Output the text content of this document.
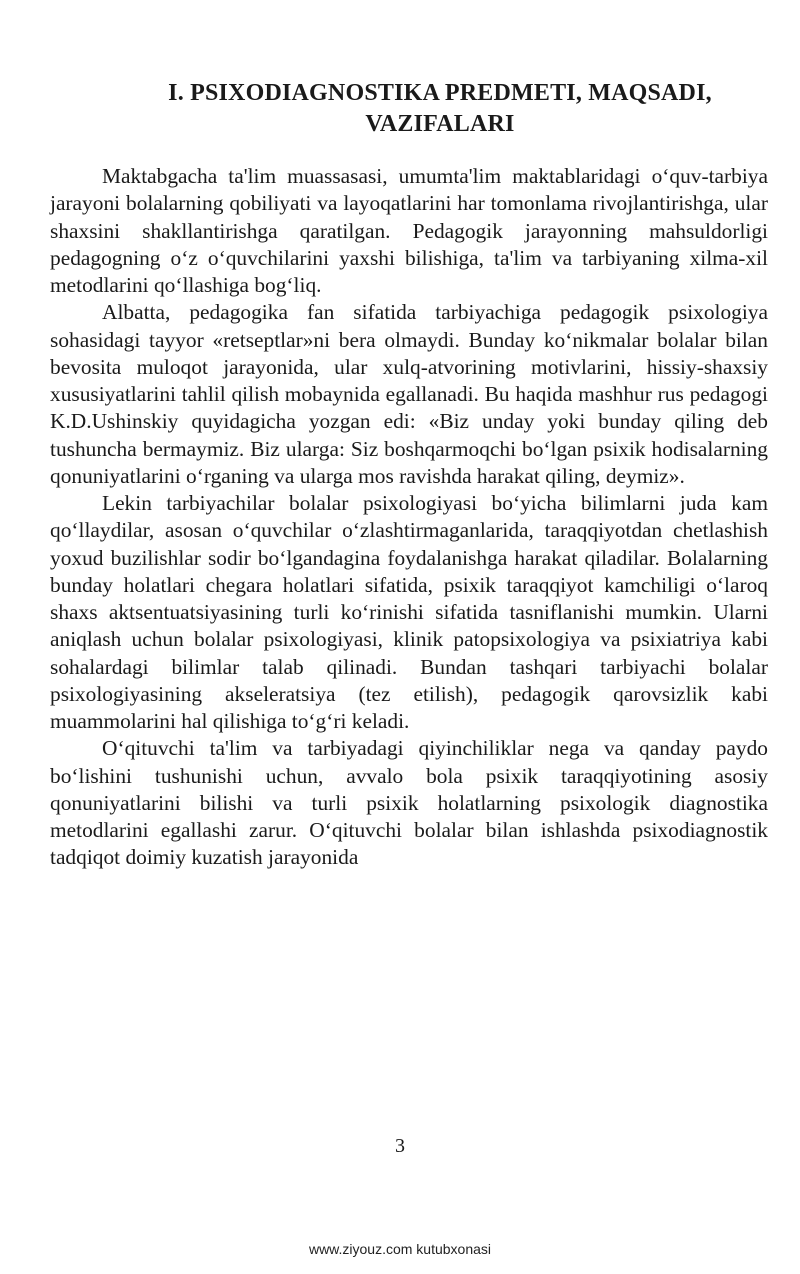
I. PSIXODIAGNOSTIKA PREDMETI, MAQSADI,
VAZIFALARI

Maktabgacha ta'lim muassasasi, umumta'lim maktablaridagi o‘quv-tarbiya jarayoni bolalarning qobiliyati va layoqatlarini har tomonlama rivojlantirishga, ular shaxsini shakllantirishga qaratilgan. Pedagogik jarayonning mahsuldorligi pedagogning o‘z o‘quvchilarini yaxshi bilishiga, ta'lim va tarbiyaning xilma-xil metodlarini qo‘llashiga bog‘liq.

Albatta, pedagogika fan sifatida tarbiyachiga pedagogik psixologiya sohasidagi tayyor «retseptlar»ni bera olmaydi. Bunday ko‘nikmalar bolalar bilan bevosita muloqot jarayonida, ular xulq-atvorining motivlarini, hissiy-shaxsiy xususiyatlarini tahlil qilish mobaynida egallanadi. Bu haqida mashhur rus pedagogi K.D.Ushinskiy quyidagicha yozgan edi: «Biz unday yoki bunday qiling deb tushuncha bermaymiz. Biz ularga: Siz boshqarmoqchi bo‘lgan psixik hodisalarning qonuniyatlarini o‘rganing va ularga mos ravishda harakat qiling, deymiz».

Lekin tarbiyachilar bolalar psixologiyasi bo‘yicha bilimlarni juda kam qo‘llaydilar, asosan o‘quvchilar o‘zlashtirmaganlarida, taraqqiyotdan chetlashish yoxud buzilishlar sodir bo‘lgandagina foydalanishga harakat qiladilar. Bolalarning bunday holatlari chegara holatlari sifatida, psixik taraqqiyot kamchiligi o‘laroq shaxs aktsentuatsiyasining turli ko‘rinishi sifatida tasniflanishi mumkin. Ularni aniqlash uchun bolalar psixologiyasi, klinik patopsixologiya va psixiatriya kabi sohalardagi bilimlar talab qilinadi. Bundan tashqari tarbiyachi bolalar psixologiyasining akseleratsiya (tez etilish), pedagogik qarovsizlik kabi muammolarini hal qilishiga to‘g‘ri keladi.

O‘qituvchi ta'lim va tarbiyadagi qiyinchiliklar nega va qanday paydo bo‘lishini tushunishi uchun, avvalo bola psixik taraqqiyotining asosiy qonuniyatlarini bilishi va turli psixik holatlarning psixologik diagnostika metodlarini egallashi zarur. O‘qituvchi bolalar bilan ishlashda psixodiagnostik tadqiqot doimiy kuzatish jarayonida

3
www.ziyouz.com kutubxonasi
